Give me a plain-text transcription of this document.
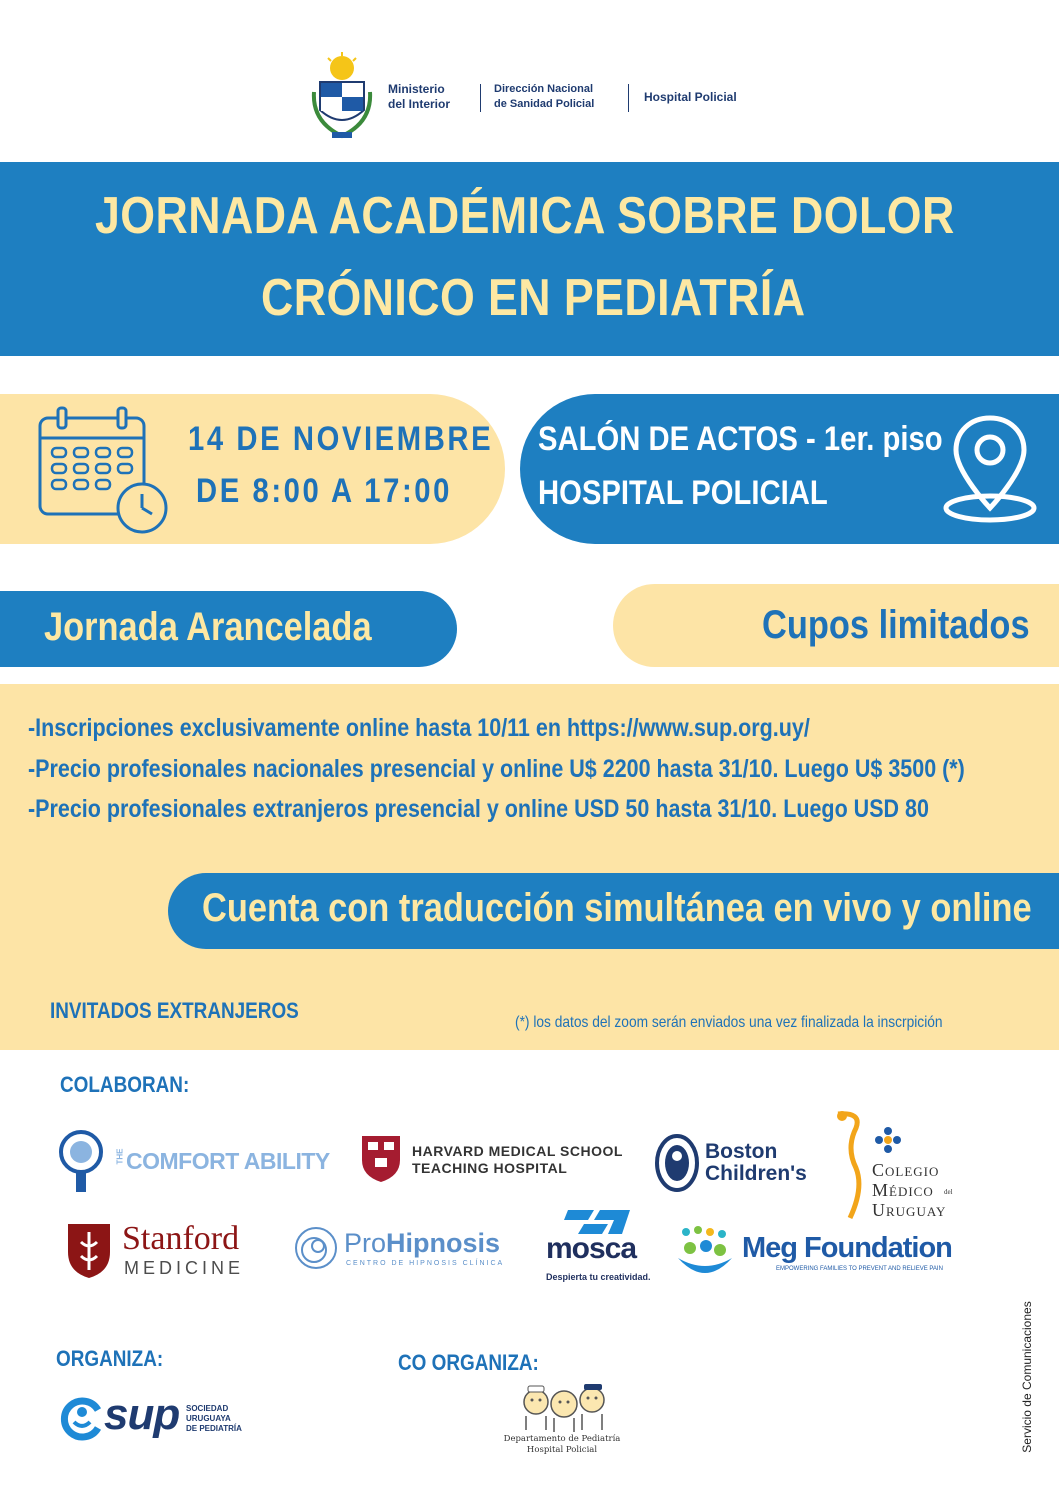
Ministerio
del Interior
Dirección Nacional
de Sanidad Policial	Hospital Policial
JORNADA ACADÉMICA SOBRE DOLOR
CRÓNICO EN PEDIATRÍA
14 DE NOVIEMBRE
DE 8:00 A 17:00
SALÓN DE ACTOS - 1er. piso
HOSPITAL POLICIAL
Jornada Arancelada	Cupos limitados
-Inscripciones exclusivamente online hasta 10/11 en https://www.sup.org.uy/
-Precio profesionales nacionales presencial y online U$ 2200 hasta 31/10. Luego U$ 3500 (*)
-Precio profesionales extranjeros presencial y online USD 50 hasta 31/10. Luego USD 80
Cuenta con traducción simultánea en vivo y online
INVITADOS EXTRANJEROS	(*) los datos del zoom serán enviados una vez finalizada la inscrpición
COLABORAN:
THE COMFORT ABILITY	HARVARD MEDICAL SCHOOL
TEACHING HOSPITAL
Boston
Children's	Colegio
Médico del
Uruguay
Stanford
MEDICINE
ProHipnosis
CENTRO DE HIPNOSIS CLÍNICA mosca
Despierta tu creatividad.
Meg Foundation
EMPOWERING FAMILIES TO PREVENT AND RELIEVE PAIN
ORGANIZA:	CO ORGANIZA:
sup SOCIEDAD
URUGUAYA
DE PEDIATRÍA
Departamento de Pediatría
Hospital Policial	Servicio de Comunicaciones
